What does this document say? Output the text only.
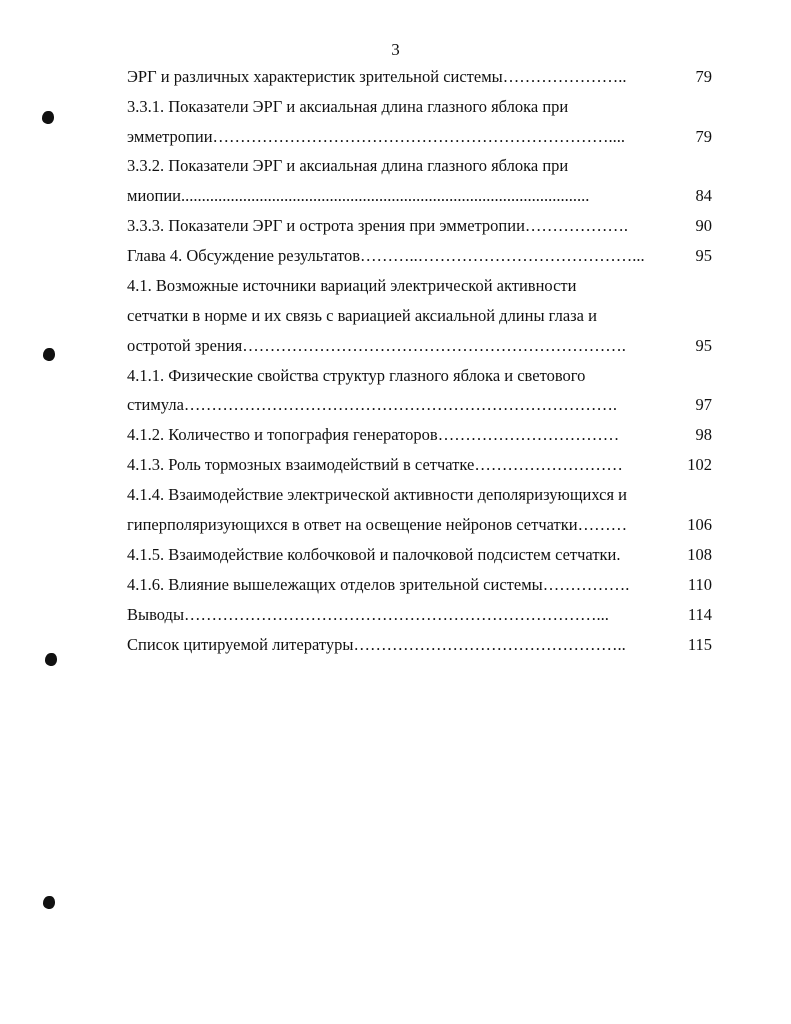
3
ЭРГ и различных характеристик зрительной системы …………………..	79
3.3.1. Показатели ЭРГ и аксиальная длина глазного яблока при
эмметропии ………………………………………………………………....	79
3.3.2. Показатели ЭРГ и аксиальная длина глазного яблока при
миопии ...................................................................................................	84
3.3.3. Показатели ЭРГ и острота зрения при эмметропии ……………….	90
Глава 4. Обсуждение результатов ………..…………………………………...	95
4.1. Возможные источники вариаций электрической активности
сетчатки в норме и их связь с вариацией аксиальной длины глаза и
остротой зрения …………………………………………………………….	95
4.1.1. Физические свойства структур глазного яблока и светового
стимула …………………………………………………………………….	97
4.1.2. Количество и топография генераторов ……………………………	98
4.1.3. Роль тормозных взаимодействий в сетчатке ………………………	102
4.1.4. Взаимодействие электрической активности деполяризующихся и
гиперполяризующихся в ответ на освещение нейронов сетчатки ………	106
4.1.5. Взаимодействие колбочковой и палочковой подсистем сетчатки .	108
4.1.6. Влияние вышележащих отделов зрительной системы …………….	110
Выводы …………………………………………………………………...	114
Список цитируемой литературы …………………………………………..	115
